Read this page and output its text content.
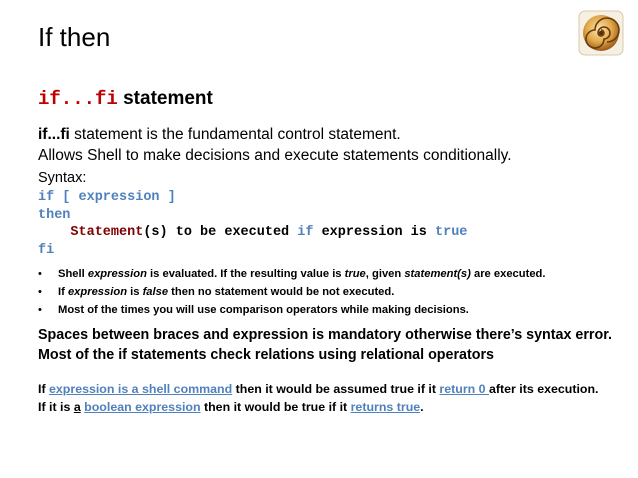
If then
if...fi statement
if...fi statement is the fundamental control statement.
Allows Shell to make decisions and execute statements conditionally.
Syntax:
if [ expression ]
then
Statement(s) to be executed if expression is true
fi
• Shell expression is evaluated. If the resulting value is true, given statement(s) are executed.
• If expression is false then no statement would be not executed.
• Most of the times you will use comparison operators while making decisions.
Spaces between braces and expression is mandatory otherwise there’s syntax error.
Most of the if statements check relations using relational operators
If expression is a shell command then it would be assumed true if it return 0 after its execution.
If it is a boolean expression then it would be true if it returns true.
